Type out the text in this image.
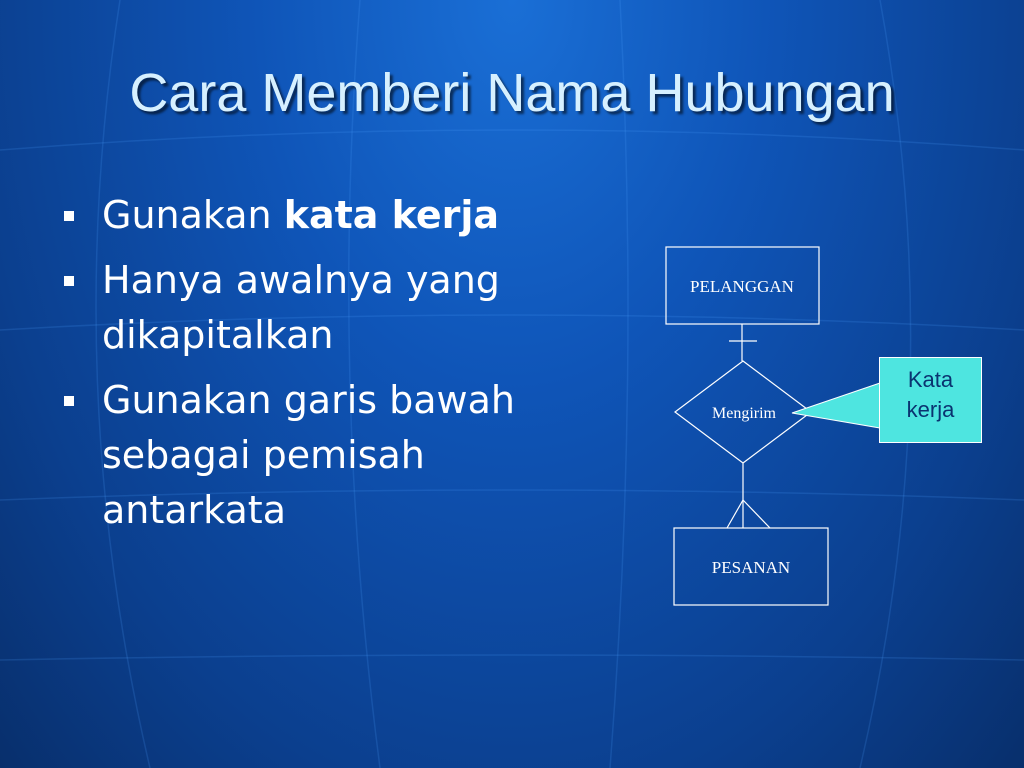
Cara Memberi Nama Hubungan
Gunakan kata kerja
Hanya awalnya yang dikapitalkan
Gunakan garis bawah sebagai pemisah antarkata
PELANGGAN
Mengirim
PESANAN
Kata
kerja
